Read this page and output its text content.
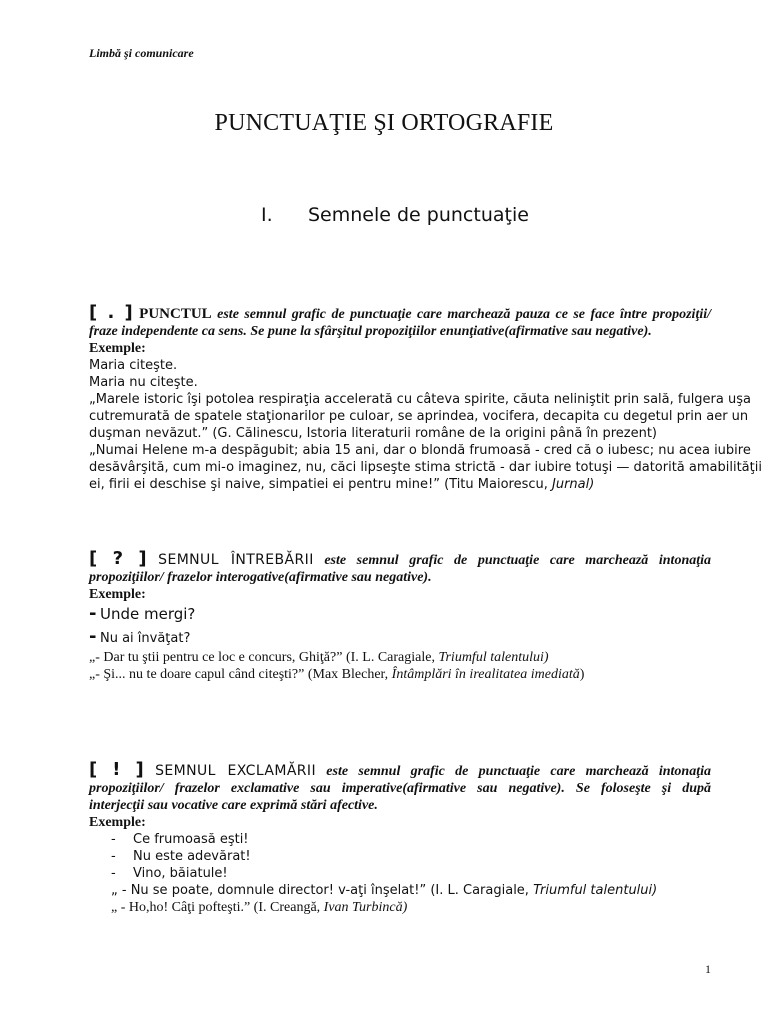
Limbă şi comunicare
PUNCTUAŢIE ŞI ORTOGRAFIE
I. Semnele de punctuaţie
[ . ] PUNCTUL este semnul grafic de punctuaţie care marchează pauza ce se face între propoziţii/
fraze independente ca sens. Se pune la sfârşitul propoziţiilor enunţiative(afirmative sau negative).
Exemple:
Maria citeşte.
Maria nu citeşte.
„Marele istoric îşi potolea respiraţia accelerată cu câteva spirite, căuta neliniştit prin sală, fulgera uşa
cutremurată de spatele staţionarilor pe culoar, se aprindea, vocifera, decapita cu degetul prin aer un
duşman nevăzut.” (G. Călinescu, Istoria literaturii române de la origini până în prezent)
„Numai Helene m-a despăgubit; abia 15 ani, dar o blondă frumoasă - cred că o iubesc; nu acea iubire
desăvârşită, cum mi-o imaginez, nu, căci lipseşte stima strictă - dar iubire totuşi — datorită amabilităţii
ei, firii ei deschise şi naive, simpatiei ei pentru mine!” (Titu Maiorescu, Jurnal)
[ ? ] SEMNUL ÎNTREBĂRII este semnul grafic de punctuaţie care marchează intonaţia
propoziţiilor/ frazelor interogative(afirmative sau negative).
Exemple:
- Unde mergi?
- Nu ai învăţat?
„- Dar tu ştii pentru ce loc e concurs, Ghiţă?” (I. L. Caragiale, Triumful talentului)
„- Şi... nu te doare capul când citeşti?” (Max Blecher, Întâmplări în irealitatea imediată)
[ ! ] SEMNUL EXCLAMĂRII este semnul grafic de punctuaţie care marchează intonaţia
propoziţiilor/ frazelor exclamative sau imperative(afirmative sau negative). Se foloseşte şi după
interjecţii sau vocative care exprimă stări afective.
Exemple:
- Ce frumoasă eşti!
- Nu este adevărat!
- Vino, băiatule!
„ - Nu se poate, domnule director! v-aţi înşelat!” (I. L. Caragiale, Triumful talentului)
„ - Ho,ho! Câţi pofteşti.” (I. Creangă, Ivan Turbincă)
1
